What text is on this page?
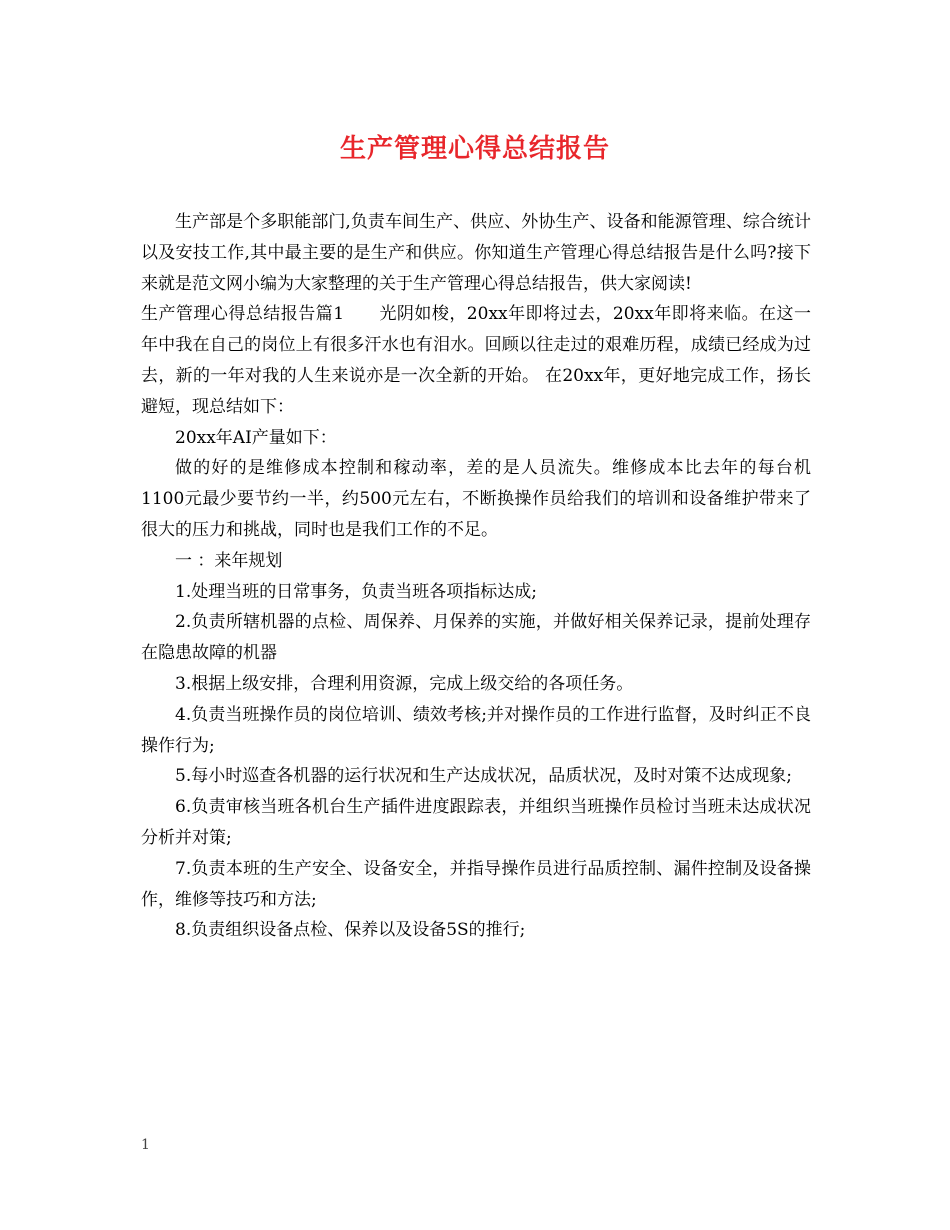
生产管理心得总结报告

生产部是个多职能部门,负责车间生产、供应、外协生产、设备和能源管理、综合统计以及安技工作,其中最主要的是生产和供应。你知道生产管理心得总结报告是什么吗?接下来就是范文网小编为大家整理的关于生产管理心得总结报告，供大家阅读!

生产管理心得总结报告篇1　　光阴如梭，20xx年即将过去，20xx年即将来临。在这一年中我在自己的岗位上有很多汗水也有泪水。回顾以往走过的艰难历程，成绩已经成为过去，新的一年对我的人生来说亦是一次全新的开始。 在20xx年，更好地完成工作，扬长避短，现总结如下：

20xx年AI产量如下：

做的好的是维修成本控制和稼动率，差的是人员流失。维修成本比去年的每台机1100元最少要节约一半，约500元左右，不断换操作员给我们的培训和设备维护带来了很大的压力和挑战，同时也是我们工作的不足。

一 ：来年规划

1.处理当班的日常事务，负责当班各项指标达成;

2.负责所辖机器的点检、周保养、月保养的实施，并做好相关保养记录，提前处理存在隐患故障的机器

3.根据上级安排，合理利用资源，完成上级交给的各项任务。

4.负责当班操作员的岗位培训、绩效考核;并对操作员的工作进行监督，及时纠正不良操作行为;

5.每小时巡查各机器的运行状况和生产达成状况，品质状况，及时对策不达成现象;

6.负责审核当班各机台生产插件进度跟踪表，并组织当班操作员检讨当班未达成状况分析并对策;

7.负责本班的生产安全、设备安全，并指导操作员进行品质控制、漏件控制及设备操作，维修等技巧和方法;

8.负责组织设备点检、保养以及设备5S的推行;

1
